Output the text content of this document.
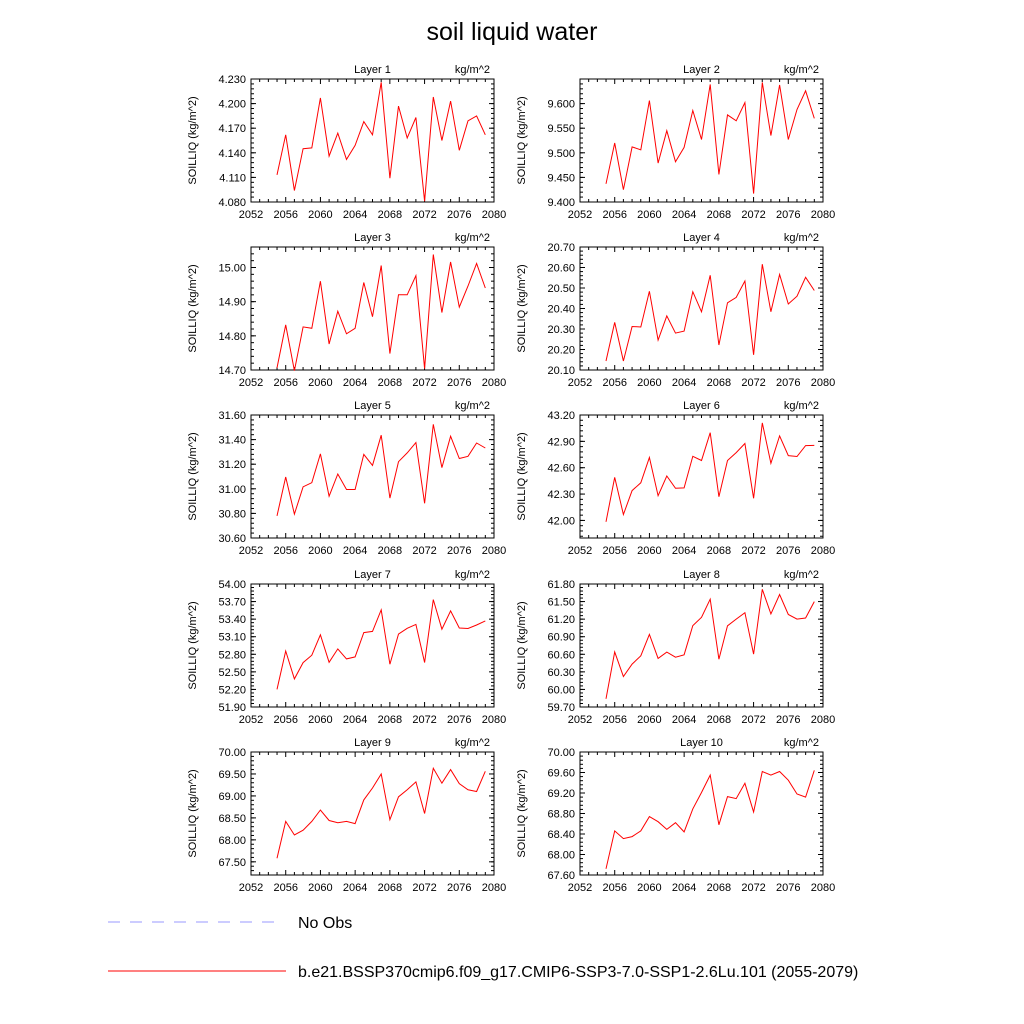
soil liquid water
Layer 1	kg/m^2
SOILLIQ (kg/m^2)
2052 2056 2060 2064 2068 2072 2076 2080
4.080
4.110
4.140
4.170
4.200
4.230
Layer 2	kg/m^2
SOILLIQ (kg/m^2)
2052 2056 2060 2064 2068 2072 2076 2080
9.400
9.450
9.500
9.550
9.600
Layer 3	kg/m^2
SOILLIQ (kg/m^2)
2052 2056 2060 2064 2068 2072 2076 2080
14.70
14.80
14.90
15.00
Layer 4	kg/m^2
SOILLIQ (kg/m^2)
2052 2056 2060 2064 2068 2072 2076 2080
20.10
20.20
20.30
20.40
20.50
20.60
20.70
Layer 5	kg/m^2
SOILLIQ (kg/m^2)
2052 2056 2060 2064 2068 2072 2076 2080
30.60
30.80
31.00
31.20
31.40
31.60
Layer 6	kg/m^2
SOILLIQ (kg/m^2)
2052 2056 2060 2064 2068 2072 2076 2080
42.00
42.30
42.60
42.90
43.20
Layer 7	kg/m^2
SOILLIQ (kg/m^2)
2052 2056 2060 2064 2068 2072 2076 2080
51.90
52.20
52.50
52.80
53.10
53.40
53.70
54.00
Layer 8	kg/m^2
SOILLIQ (kg/m^2)
2052 2056 2060 2064 2068 2072 2076 2080
59.70
60.00
60.30
60.60
60.90
61.20
61.50
61.80
Layer 9	kg/m^2
SOILLIQ (kg/m^2)
2052 2056 2060 2064 2068 2072 2076 2080
67.50
68.00
68.50
69.00
69.50
70.00
Layer 10	kg/m^2
SOILLIQ (kg/m^2)
2052 2056 2060 2064 2068 2072 2076 2080
67.60
68.00
68.40
68.80
69.20
69.60
70.00
No Obs
b.e21.BSSP370cmip6.f09_g17.CMIP6-SSP3-7.0-SSP1-2.6Lu.101 (2055-2079)
